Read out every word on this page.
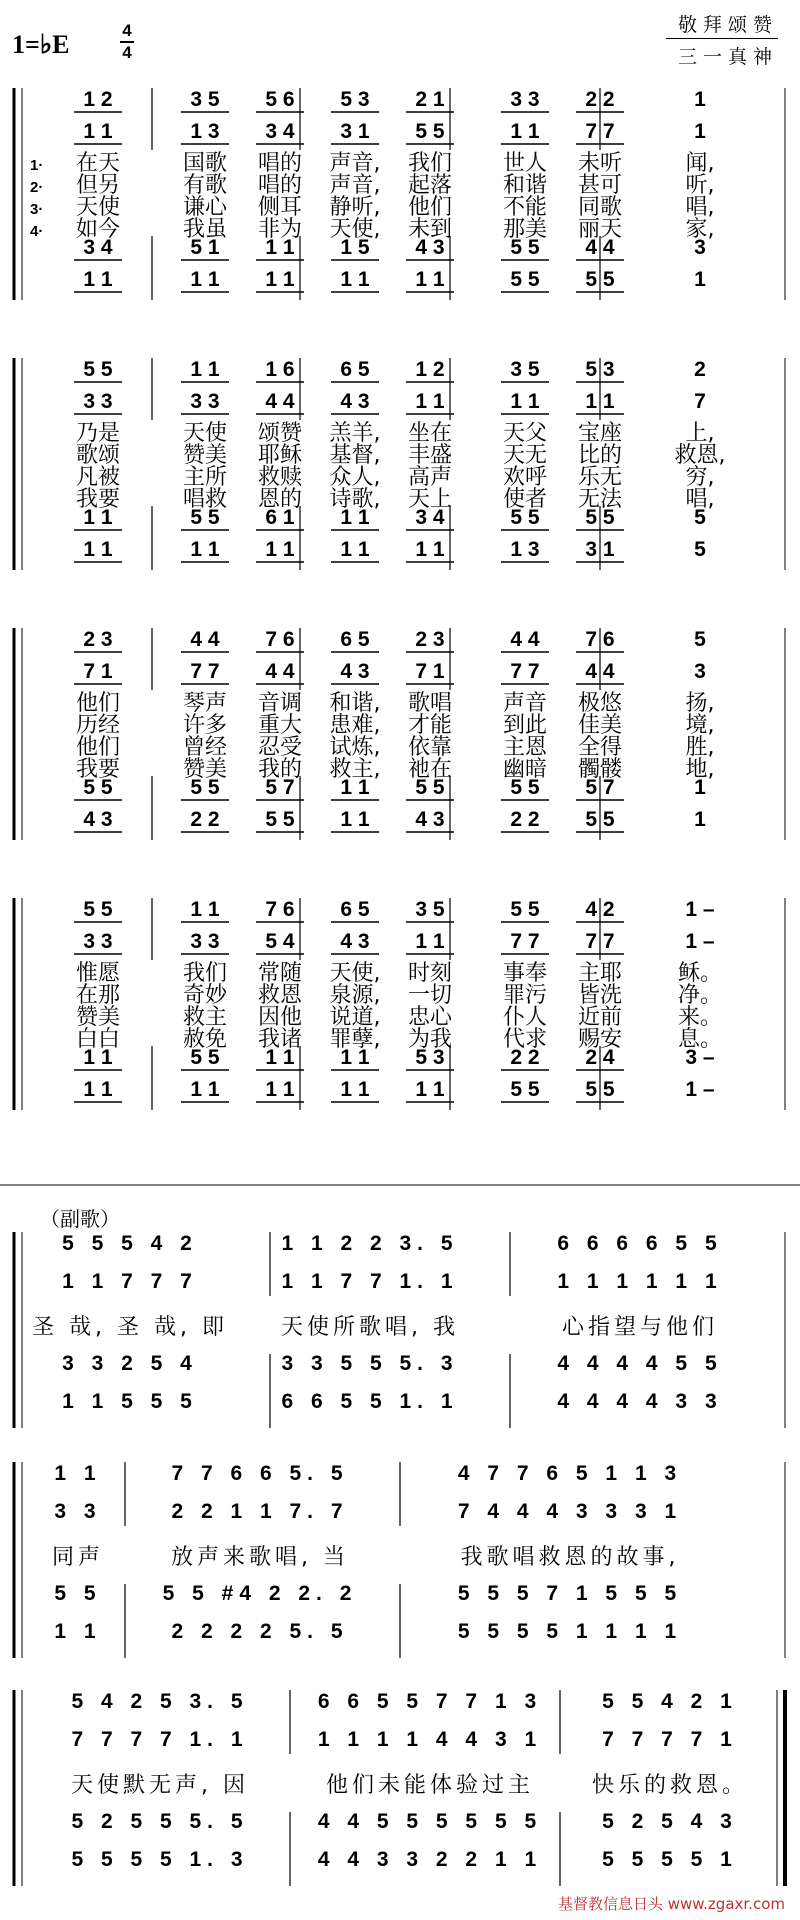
1=♭E	4
4
敬拜颂赞
三一真神
1 2	3 5 5 6 5 3 2 1	3 3 2 2	1
1 1	1 3 3 4 3 1 5 5	1 1 7 7	1
3 4	5 1 1 1 1 5 4 3	5 5 4 4	3
1 1	1 1 1 1 1 1 1 1	5 5 5 5	1
1· 在天	国歌 唱的 声音, 我们 世人 未听	闻,
2· 但另	有歌 唱的 声音, 起落 和谐 甚可	听,
3· 天使	谦心 侧耳 静听, 他们 不能 同歌	唱,
4· 如今	我虽 非为 天使, 未到 那美 丽天	家,
5 5	1 1 1 6 6 5 1 2	3 5 5 3	2
3 3	3 3 4 4 4 3 1 1	1 1 1 1	7
1 1	5 5 6 1 1 1 3 4	5 5 5 5	5
1 1	1 1 1 1 1 1 1 1	1 3 3 1	5
乃是	天使 颂赞 羔羊, 坐在 天父 宝座	上,
歌颂	赞美 耶稣 基督, 丰盛 天无 比的 救恩,
凡被	主所 救赎 众人, 高声 欢呼 乐无	穷,
我要	唱救 恩的 诗歌, 天上 使者 无法	唱,
2 3	4 4 7 6 6 5 2 3	4 4 7 6	5
7 1	7 7 4 4 4 3 7 1	7 7 4 4	3
5 5	5 5 5 7 1 1 5 5	5 5 5 7	1
4 3	2 2 5 5 1 1 4 3	2 2 5 5	1
他们	琴声 音调 和谐, 歌唱 声音 极悠	扬,
历经	许多 重大 患难, 才能 到此 佳美	境,
他们	曾经 忍受 试炼, 依靠 主恩 全得	胜,
我要	赞美 我的 救主, 祂在 幽暗 髑髅	地,
5 5	1 1 7 6 6 5 3 5	5 5 4 2	1 –
3 3	3 3 5 4 4 3 1 1	7 7 7 7	1 –
1 1	5 5 1 1 1 1 5 3	2 2 2 4	3 –
1 1	1 1 1 1 1 1 1 1	5 5 5 5	1 –
惟愿	我们 常随 天使, 时刻 事奉 主耶	稣。
在那	奇妙 救恩 泉源, 一切 罪污 皆洗	净。
赞美	救主 因他 说道, 忠心 仆人 近前	来。
白白	赦免 我诸 罪孽, 为我 代求 赐安	息。
5 5 5 4 2	1 1 2 2 3. 5	6 6 6 6 5 5
1 1 7 7 7	1 1 7 7 1. 1	1 1 1 1 1 1
3 3 2 5 4	3 3 5 5 5. 3	4 4 4 4 5 5
1 1 5 5 5	6 6 5 5 1. 1	4 4 4 4 3 3
圣 哉, 圣 哉, 即 天使所歌唱, 我	心指望与他们
1 1	7 7 6 6 5. 5	4 7 7 6 5 1 1 3
3 3	2 2 1 1 7. 7	7 4 4 4 3 3 3 1
5 5	5 5 #4 2 2. 2	5 5 5 7 1 5 5 5
1 1	2 2 2 2 5. 5	5 5 5 5 1 1 1 1
同声	放声来歌唱, 当	我歌唱救恩的故事,
5 4 2 5 3. 5	6 6 5 5 7 7 1 3	5 5 4 2 1
7 7 7 7 1. 1	1 1 1 1 4 4 3 1	7 7 7 7 1
5 2 5 5 5. 5	4 4 5 5 5 5 5 5	5 2 5 4 3
5 5 5 5 1. 3	4 4 3 3 2 2 1 1	5 5 5 5 1
天使默无声, 因	他们未能体验过主	快乐的救恩。
（副歌）
基督教信息日头 www.zgaxr.com
